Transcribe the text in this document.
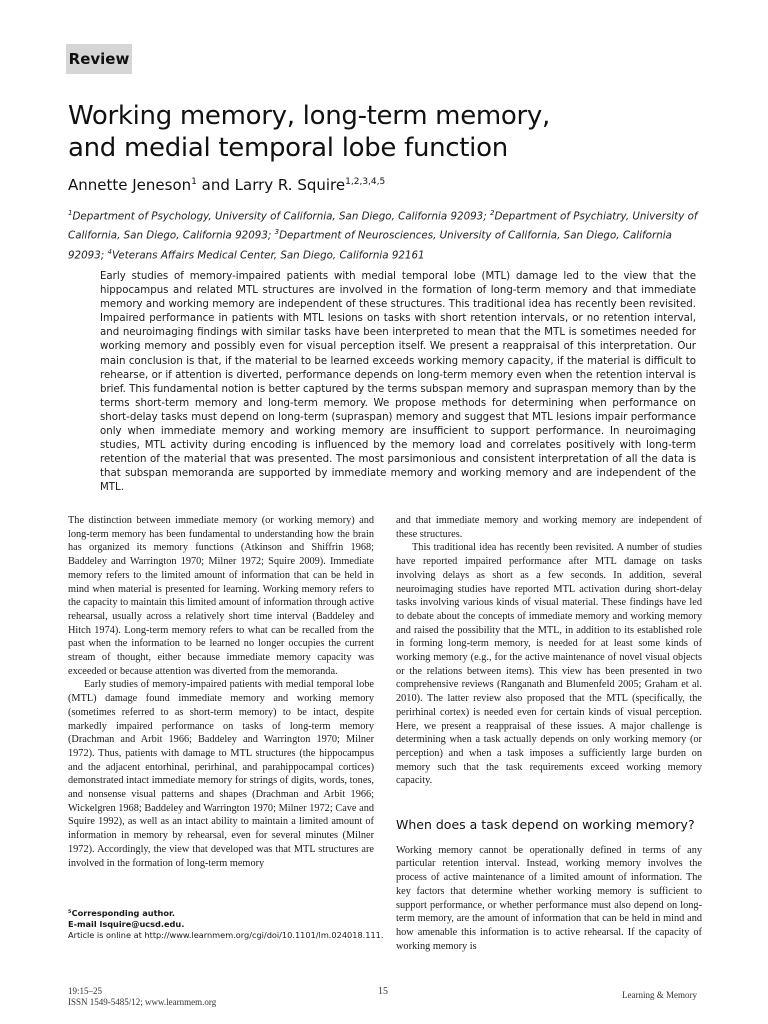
Review
Working memory, long-term memory,
and medial temporal lobe function
Annette Jeneson$^1$ and Larry R. Squire$^{1,2,3,4,5}$
$^1$Department of Psychology, University of California, San Diego, California 92093; $^2$Department of Psychiatry, University of California, San Diego, California 92093; $^3$Department of Neurosciences, University of California, San Diego, California 92093; $^4$Veterans Affairs Medical Center, San Diego, California 92161

Early studies of memory-impaired patients with medial temporal lobe (MTL) damage led to the view that the hippocampus and related MTL structures are involved in the formation of long-term memory and that immediate memory and working memory are independent of these structures. This traditional idea has recently been revisited. Impaired performance in patients with MTL lesions on tasks with short retention intervals, or no retention interval, and neuroimaging findings with similar tasks have been interpreted to mean that the MTL is sometimes needed for working memory and possibly even for visual perception itself. We present a reappraisal of this interpretation. Our main conclusion is that, if the material to be learned exceeds working memory capacity, if the material is difficult to rehearse, or if attention is diverted, performance depends on long-term memory even when the retention interval is brief. This fundamental notion is better captured by the terms subspan memory and supraspan memory than by the terms short-term memory and long-term memory. We propose methods for determining when performance on short-delay tasks must depend on long-term (supraspan) memory and suggest that MTL lesions impair performance only when immediate memory and working memory are insufficient to support performance. In neuroimaging studies, MTL activity during encoding is influenced by the memory load and correlates positively with long-term retention of the material that was presented. The most parsimonious and consistent interpretation of all the data is that subspan memoranda are supported by immediate memory and working memory and are independent of the MTL.

The distinction between immediate memory (or working memory) and long-term memory has been fundamental to understanding how the brain has organized its memory functions (Atkinson and Shiffrin 1968; Baddeley and Warrington 1970; Milner 1972; Squire 2009). Immediate memory refers to the limited amount of information that can be held in mind when material is presented for learning. Working memory refers to the capacity to maintain this limited amount of information through active rehearsal, usually across a relatively short time interval (Baddeley and Hitch 1974). Long-term memory refers to what can be recalled from the past when the information to be learned no longer occupies the current stream of thought, either because immediate memory capacity was exceeded or because attention was diverted from the memoranda.

Early studies of memory-impaired patients with medial temporal lobe (MTL) damage found immediate memory and working memory (sometimes referred to as short-term memory) to be intact, despite markedly impaired performance on tasks of long-term memory (Drachman and Arbit 1966; Baddeley and Warrington 1970; Milner 1972). Thus, patients with damage to MTL structures (the hippocampus and the adjacent entorhinal, perirhinal, and parahippocampal cortices) demonstrated intact immediate memory for strings of digits, words, tones, and nonsense visual patterns and shapes (Drachman and Arbit 1966; Wickelgren 1968; Baddeley and Warrington 1970; Milner 1972; Cave and Squire 1992), as well as an intact ability to maintain a limited amount of information in memory by rehearsal, even for several minutes (Milner 1972). Accordingly, the view that developed was that MTL structures are involved in the formation of long-term memory

and that immediate memory and working memory are independent of these structures.

This traditional idea has recently been revisited. A number of studies have reported impaired performance after MTL damage on tasks involving delays as short as a few seconds. In addition, several neuroimaging studies have reported MTL activation during short-delay tasks involving various kinds of visual material. These findings have led to debate about the concepts of immediate memory and working memory and raised the possibility that the MTL, in addition to its established role in forming long-term memory, is needed for at least some kinds of working memory (e.g., for the active maintenance of novel visual objects or the relations between items). This view has been presented in two comprehensive reviews (Ranganath and Blumenfeld 2005; Graham et al. 2010). The latter review also proposed that the MTL (specifically, the perirhinal cortex) is needed even for certain kinds of visual perception. Here, we present a reappraisal of these issues. A major challenge is determining when a task actually depends on only working memory (or perception) and when a task imposes a sufficiently large burden on memory such that the task requirements exceed working memory capacity.

When does a task depend on working memory?

Working memory cannot be operationally defined in terms of any particular retention interval. Instead, working memory involves the process of active maintenance of a limited amount of information. The key factors that determine whether working memory is sufficient to support performance, or whether performance must also depend on long-term memory, are the amount of information that can be held in mind and how amenable this information is to active rehearsal. If the capacity of working memory is

⁵Corresponding author.
E-mail lsquire@ucsd.edu.
Article is online at http://www.learnmem.org/cgi/doi/10.1101/lm.024018.111.
19:15–25
ISSN 1549-5485/12; www.learnmem.org
15	Learning & Memory
